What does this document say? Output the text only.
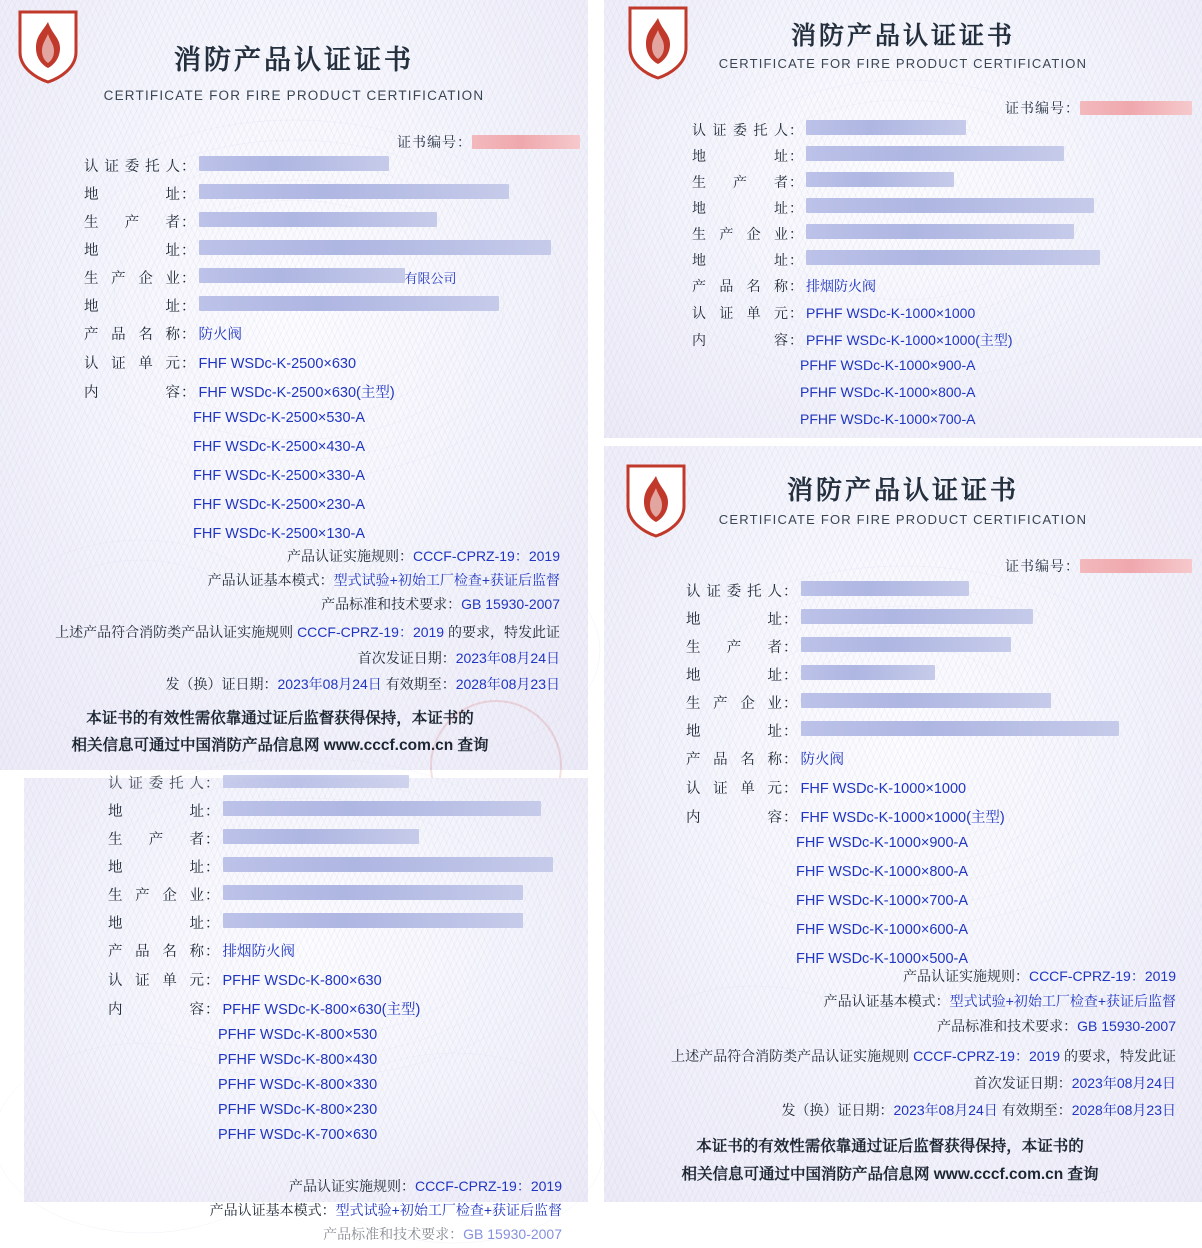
消防产品认证证书
CERTIFICATE FOR FIRE PRODUCT CERTIFICATION
证书编号：
认证委托人 ：
地址 ：
生产者 ：
地址 ：
生产企业 ：	有限公司
地址 ：
产品名称 ： 防火阀
认证单元 ： FHF WSDc-K-2500×630
内容 ： FHF WSDc-K-2500×630(主型)
FHF WSDc-K-2500×530-A
FHF WSDc-K-2500×430-A
FHF WSDc-K-2500×330-A
FHF WSDc-K-2500×230-A
FHF WSDc-K-2500×130-A
产品认证实施规则：CCCF-CPRZ-19：2019
产品认证基本模式：型式试验+初始工厂检查+获证后监督
产品标准和技术要求：GB 15930-2007
上述产品符合消防类产品认证实施规则 CCCF-CPRZ-19：2019 的要求，特发此证
首次发证日期：2023年08月24日
发（换）证日期：2023年08月24日 有效期至：2028年08月23日
本证书的有效性需依靠通过证后监督获得保持，本证书的
相关信息可通过中国消防产品信息网 www.cccf.com.cn 查询
消防产品认证证书
CERTIFICATE FOR FIRE PRODUCT CERTIFICATION
证书编号：
认证委托人 ：
地址 ：
生产者 ：
地址 ：
生产企业 ：
地址 ：
产品名称 ： 排烟防火阀
认证单元 ： PFHF WSDc-K-1000×1000
内容 ： PFHF WSDc-K-1000×1000(主型)
PFHF WSDc-K-1000×900-A
PFHF WSDc-K-1000×800-A
PFHF WSDc-K-1000×700-A
认证委托人 ：
地址 ：
生产者 ：
地址 ：
生产企业 ：
地址 ：
产品名称 ： 排烟防火阀
认证单元 ： PFHF WSDc-K-800×630
内容 ： PFHF WSDc-K-800×630(主型)
PFHF WSDc-K-800×530
PFHF WSDc-K-800×430
PFHF WSDc-K-800×330
PFHF WSDc-K-800×230
PFHF WSDc-K-700×630
产品认证实施规则：CCCF-CPRZ-19：2019
产品认证基本模式：型式试验+初始工厂检查+获证后监督
产品标准和技术要求：GB 15930-2007
消防产品认证证书
CERTIFICATE FOR FIRE PRODUCT CERTIFICATION
证书编号：
认证委托人 ：
地址 ：
生产者 ：
地址 ：
生产企业 ：
地址 ：
产品名称 ： 防火阀
认证单元 ： FHF WSDc-K-1000×1000
内容 ： FHF WSDc-K-1000×1000(主型)
FHF WSDc-K-1000×900-A
FHF WSDc-K-1000×800-A
FHF WSDc-K-1000×700-A
FHF WSDc-K-1000×600-A
FHF WSDc-K-1000×500-A
产品认证实施规则：CCCF-CPRZ-19：2019
产品认证基本模式：型式试验+初始工厂检查+获证后监督
产品标准和技术要求：GB 15930-2007
上述产品符合消防类产品认证实施规则 CCCF-CPRZ-19：2019 的要求，特发此证
首次发证日期：2023年08月24日
发（换）证日期：2023年08月24日 有效期至：2028年08月23日
本证书的有效性需依靠通过证后监督获得保持，本证书的
相关信息可通过中国消防产品信息网 www.cccf.com.cn 查询
